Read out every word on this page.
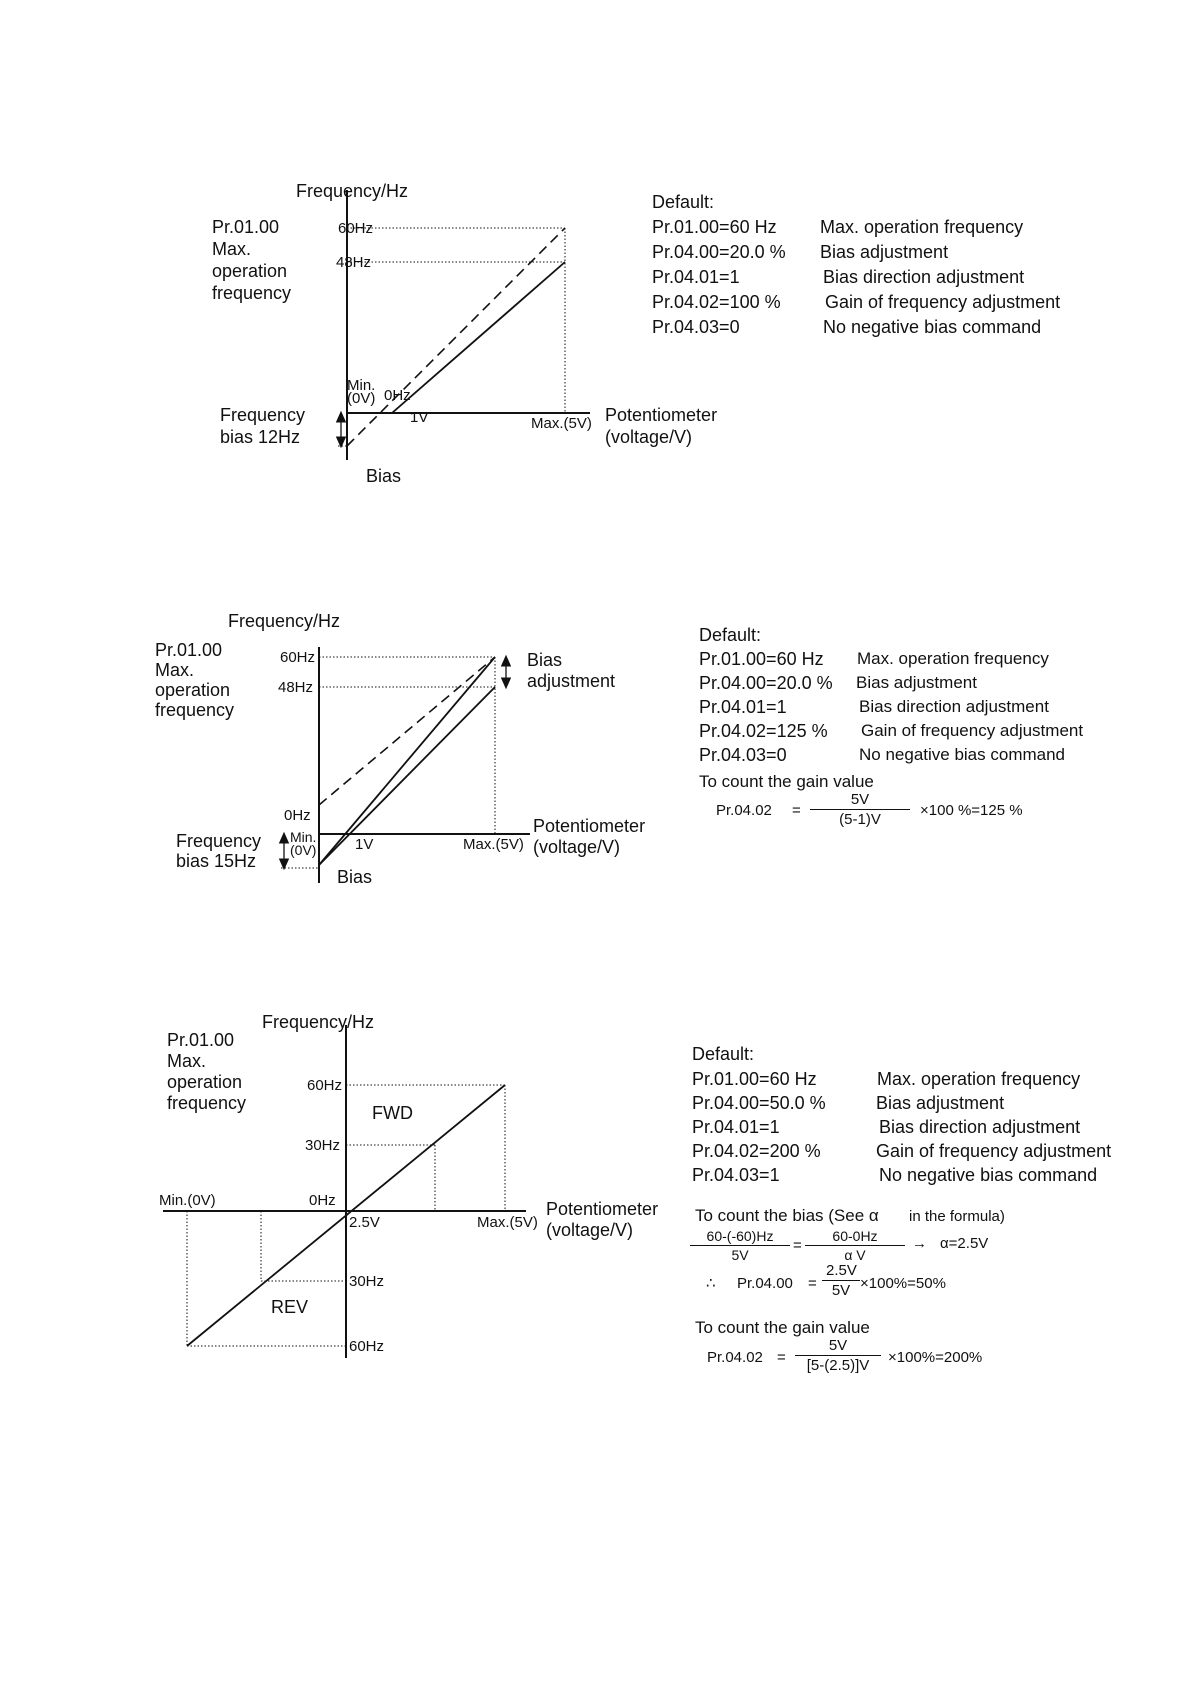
Frequency/Hz
Pr.01.00
Max.
operation
frequency
60Hz
48Hz
Min.
(0V) 0Hz
1V	Max.(5V) Potentiometer
(voltage/V)
Frequency
bias 12Hz
Bias
Default:
Pr.01.00=60 Hz Max. operation frequency
Pr.04.00=20.0 % Bias adjustment
Pr.04.01=1	Bias direction adjustment
Pr.04.02=100 % Gain of frequency adjustment
Pr.04.03=0	No negative bias command
Frequency/Hz
Pr.01.00
Max.
operation
frequency
60Hz
48Hz
0Hz
Min.
(0V)	1V	Max.(5V)
Potentiometer
(voltage/V)
Frequency
bias 15Hz
Bias
Bias
adjustment
Default:
Pr.01.00=60 Hz Max. operation frequency
Pr.04.00=20.0 % Bias adjustment
Pr.04.01=1	Bias direction adjustment
Pr.04.02=125 % Gain of frequency adjustment
Pr.04.03=0	No negative bias command
To count the gain value
$Pr.04.02 = \frac{5V}{(5-1)V} \times 100$ %=125 %
Frequency/Hz
Pr.01.00
Max.
operation
frequency
60Hz
30Hz
0Hz
30Hz
60Hz
Min.(0V)
2.5V	Max.(5V)
Potentiometer
(voltage/V)
FWD
REV
Default:
Pr.01.00=60 Hz	Max. operation frequency
Pr.04.00=50.0 %	Bias adjustment
Pr.04.01=1	Bias direction adjustment
Pr.04.02=200 %	Gain of frequency adjustment
Pr.04.03=1	No negative bias command
To count the bias (See α in the formula)
$\frac{60-(-60)Hz}{5V} = \frac{60-0Hz}{\text{α V}} \to \alpha=2.5V$
∴ $Pr.04.00 = \frac{2.5V}{5V} \times 100\%=50\%$
To count the gain value
$Pr.04.02 = \frac{5V}{[5-(2.5)]V} \times 100\%=200\%$
